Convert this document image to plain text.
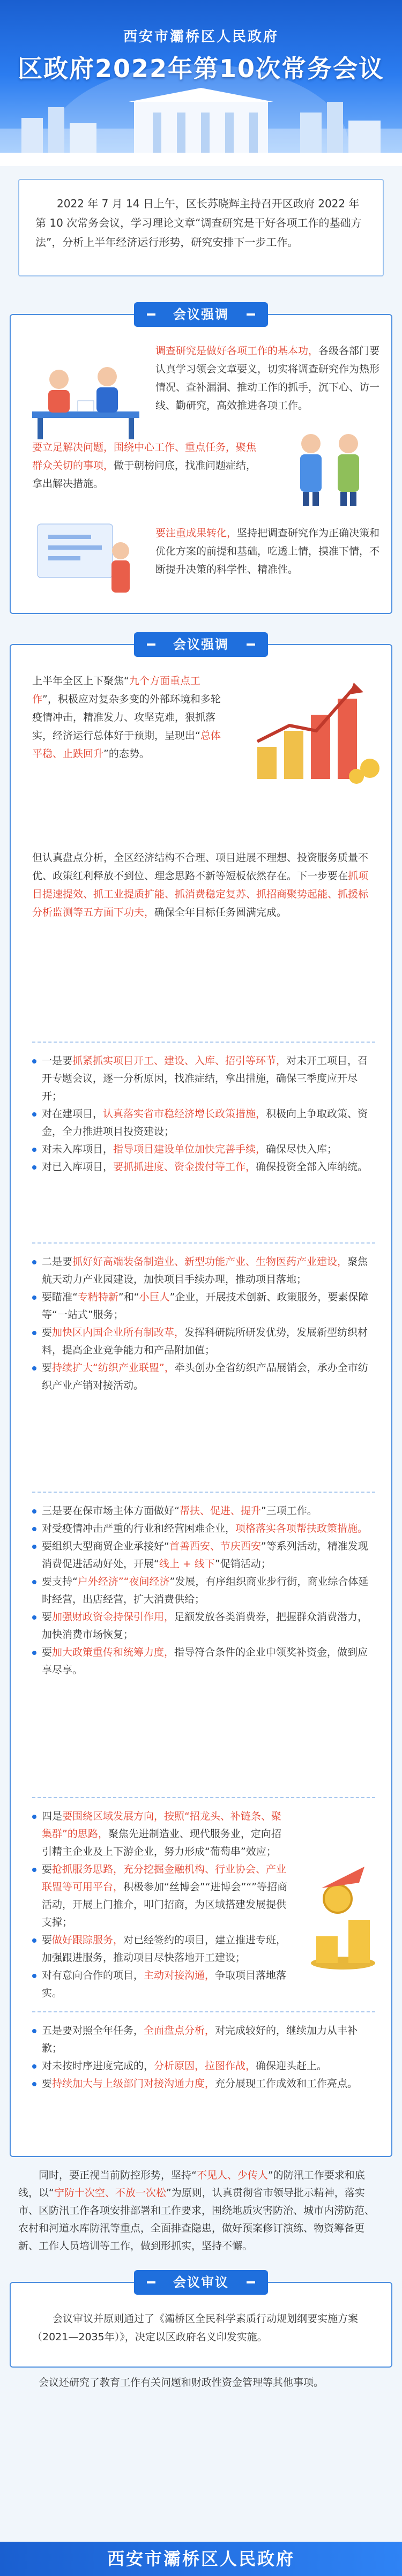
西安市灞桥区人民政府
区政府2022年第10次常务会议
2022 年 7 月 14 日上午，区长苏晓辉主持召开区政府 2022 年第 10 次常务会议，学习理论文章“调查研究是干好各项工作的基础方法”，分析上半年经济运行形势，研究安排下一步工作。
会议强调
调查研究是做好各项工作的基本功，各级各部门要认真学习领会文章要义，切实将调查研究作为热形情况、查补漏洞、推动工作的抓手，沉下心、访一线、勤研究，高效推进各项工作。
要立足解决问题，围绕中心工作、重点任务，聚焦群众关切的事项，做于朝榜问底，找准问题症结，拿出解决措施。
要注重成果转化，坚持把调查研究作为正确决策和优化方案的前提和基础，吃透上情，摸准下情，不断提升决策的科学性、精准性。
会议强调
上半年全区上下聚焦“九个方面重点工作”，积极应对复杂多变的外部环境和多轮疫情冲击，精准发力、攻坚克难，狠抓落实，经济运行总体好于预期，呈现出“总体平稳、止跌回升”的态势。
但认真盘点分析，全区经济结构不合理、项目进展不理想、投资服务质量不优、政策红利释放不到位、理念思路不新等短板依然存在。下一步要在抓项目提速提效、抓工业提质扩能、抓消费稳定复苏、抓招商聚势起能、抓援标分析监测等五方面下功夫，确保全年目标任务圆满完成。
一是要抓紧抓实项目开工、建设、入库、招引等环节，对未开工项目，召开专题会议，逐一分析原因，找准症结，拿出措施，确保三季度应开尽开；
对在建项目，认真落实省市稳经济增长政策措施，积极向上争取政策、资金，全力推进项目投资建设；
对未入库项目，指导项目建设单位加快完善手续，确保尽快入库；
对已入库项目，要抓抓进度、资金拨付等工作，确保投资全部入库纳统。
二是要抓好好高端装备制造业、新型功能产业、生物医药产业建设，聚焦航天动力产业园建设，加快项目手续办理，推动项目落地；
要瞄准“专精特新”和“小巨人”企业，开展技术创新、政策服务，要素保障等“一站式”服务；
要加快区内国企业所有制改革，发挥科研院所研发优势，发展新型纺织材料，提高企业竞争能力和产品附加值；
要持续扩大“纺织产业联盟”，牵头创办全省纺织产品展销会，承办全市纺织产业产销对接活动。
三是要在保市场主体方面做好“帮扶、促进、提升”三项工作。
对受疫情冲击严重的行业和经营困难企业，项格落实各项帮扶政策措施。
要组织大型商贸企业承接好“首善西安、节庆西安”等系列活动，精准发现消费促进活动好处，开展“线上 + 线下”促销活动；
要支持“户外经济”“夜间经济”发展，有序组织商业步行街，商业综合体延时经营，出店经营，扩大消费供给；
要加强财政资金持保引作用，足额发放各类消费券，把握群众消费潜力，加快消费市场恢复；
要加大政策重传和统筹力度，指导符合条件的企业申领奖补资金，做到应享尽享。
四是要围绕区域发展方向，按照“招龙头、补链条、聚集群”的思路，聚焦先进制造业、现代服务业，定向招引精主企业及上下游企业，努力形成“葡萄串”效应；
要抢抓服务思路，充分挖掘金融机构、行业协会、产业联盟等可用平台，积极参加“丝博会”“进博会”“”等招商活动，开展上门推介，叩门招商，为区域搭建发展提供支撑；
要做好跟踪服务，对已经签约的项目，建立推进专班，加强跟进服务，推动项目尽快落地开工建设；
对有意向合作的项目，主动对接沟通，争取项目落地落实。
五是要对照全年任务，全面盘点分析，对完成较好的，继续加力从丰补歉；
对未按时序进度完成的，分析原因，拉图作战，确保迎头赶上。
要持续加大与上级部门对接沟通力度，充分展现工作成效和工作亮点。
同时，要正视当前防控形势，坚持“不见人、少传人”的防汛工作要求和底线，以“宁防十次空、不放一次松”为原则，认真贯彻省市领导批示精神，落实市、区防汛工作各项安排部署和工作要求，围绕地质灾害防治、城市内涝防范、农村和河道水库防汛等重点，全面排查隐患，做好预案修订演练、物资筹备更新、工作人员培训等工作，做到形抓实，坚持不懈。
会议审议
会议审议并原则通过了《灞桥区全民科学素质行动规划纲要实施方案（2021—2035年）》，决定以区政府名义印发实施。
会议还研究了教育工作有关问题和财政性资金管理等其他事项。
西安市灞桥区人民政府
